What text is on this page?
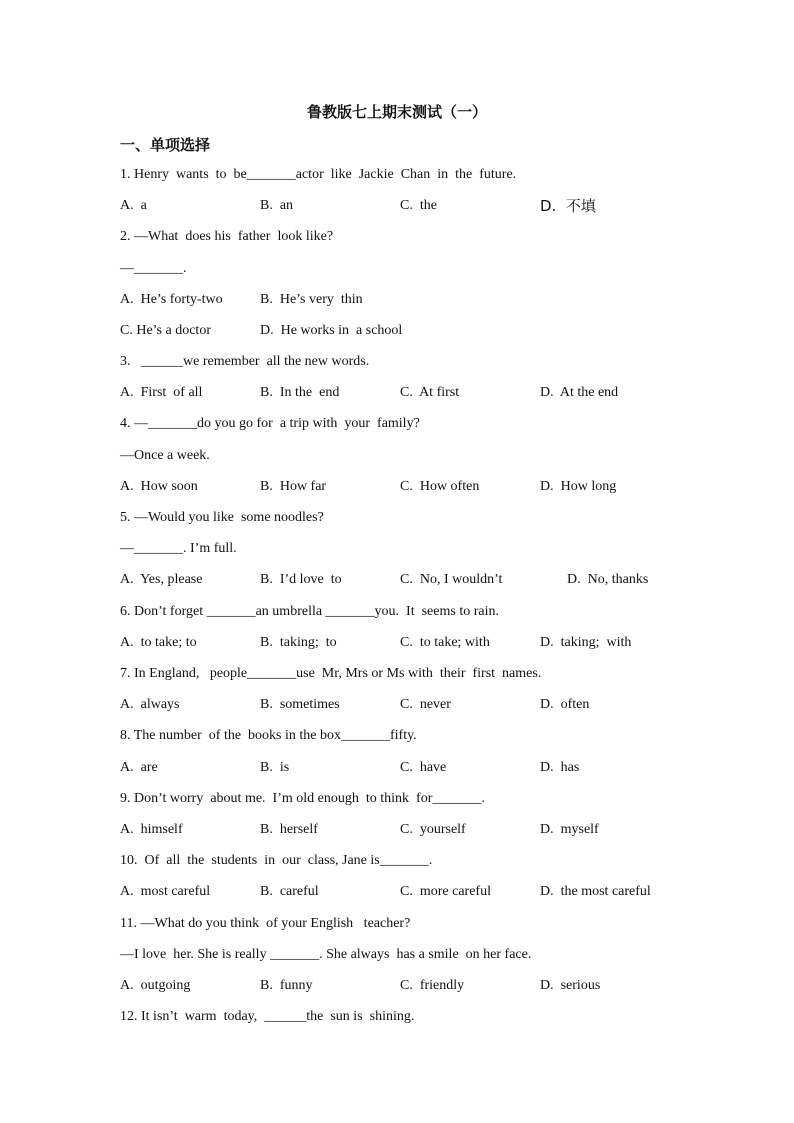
鲁教版七上期末测试（一）
一、单项选择
1. Henry  wants  to  be_______actor  like  Jackie  Chan  in  the  future.
A.  a	B.  an	C.  the	D.  不填
2. —What  does his  father  look like?
—_______.
A.  He’s forty-two	B.  He’s very  thin
C. He’s a doctor	D.  He works in  a school
3.   ______we remember  all the new words.
A.  First  of all	B.  In the  end	C.  At first	D.  At the end
4. —_______do you go for  a trip with  your  family?
—Once a week.
A.  How soon	B.  How far	C.  How often	D.  How long
5. —Would you like  some noodles?
—_______. I’m full.
A.  Yes, please	B.  I’d love  to	C.  No, I wouldn’t	D.  No, thanks
6. Don’t forget _______an umbrella _______you.  It  seems to rain.
A.  to take; to	B.  taking;  to	C.  to take; with	D.  taking;  with
7. In England,   people_______use  Mr, Mrs or Ms with  their  first  names.
A.  always	B.  sometimes	C.  never	D.  often
8. The number  of the  books in the box_______fifty.
A.  are	B.  is	C.  have	D.  has
9. Don’t worry  about me.  I’m old enough  to think  for_______.
A.  himself	B.  herself	C.  yourself	D.  myself
10.  Of  all  the  students  in  our  class, Jane is_______.
A.  most careful	B.  careful	C.  more careful	D.  the most careful
11. —What do you think  of your English   teacher?
—I love  her. She is really _______. She always  has a smile  on her face.
A.  outgoing	B.  funny	C.  friendly	D.  serious
12. It isn’t  warm  today,  ______the  sun is  shining.
